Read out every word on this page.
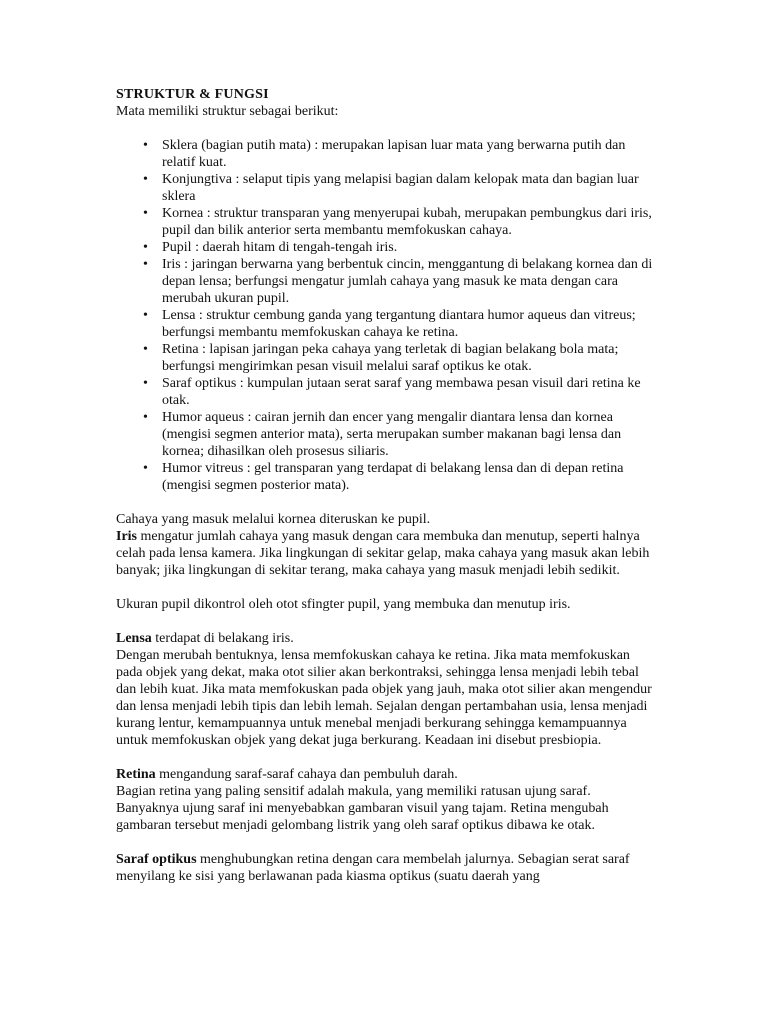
STRUKTUR & FUNGSI

Mata memiliki struktur sebagai berikut:

• Sklera (bagian putih mata) : merupakan lapisan luar mata yang berwarna putih dan relatif kuat.
• Konjungtiva : selaput tipis yang melapisi bagian dalam kelopak mata dan bagian luar sklera
• Kornea : struktur transparan yang menyerupai kubah, merupakan pembungkus dari iris, pupil dan bilik anterior serta membantu memfokuskan cahaya.
• Pupil : daerah hitam di tengah-tengah iris.
• Iris : jaringan berwarna yang berbentuk cincin, menggantung di belakang kornea dan di depan lensa; berfungsi mengatur jumlah cahaya yang masuk ke mata dengan cara merubah ukuran pupil.
• Lensa : struktur cembung ganda yang tergantung diantara humor aqueus dan vitreus; berfungsi membantu memfokuskan cahaya ke retina.
• Retina : lapisan jaringan peka cahaya yang terletak di bagian belakang bola mata; berfungsi mengirimkan pesan visuil melalui saraf optikus ke otak.
• Saraf optikus : kumpulan jutaan serat saraf yang membawa pesan visuil dari retina ke otak.
• Humor aqueus : cairan jernih dan encer yang mengalir diantara lensa dan kornea (mengisi segmen anterior mata), serta merupakan sumber makanan bagi lensa dan kornea; dihasilkan oleh prosesus siliaris.
• Humor vitreus : gel transparan yang terdapat di belakang lensa dan di depan retina (mengisi segmen posterior mata).

Cahaya yang masuk melalui kornea diteruskan ke pupil.

Iris mengatur jumlah cahaya yang masuk dengan cara membuka dan menutup, seperti halnya celah pada lensa kamera. Jika lingkungan di sekitar gelap, maka cahaya yang masuk akan lebih banyak; jika lingkungan di sekitar terang, maka cahaya yang masuk menjadi lebih sedikit.

Ukuran pupil dikontrol oleh otot sfingter pupil, yang membuka dan menutup iris.

Lensa terdapat di belakang iris.

Dengan merubah bentuknya, lensa memfokuskan cahaya ke retina. Jika mata memfokuskan pada objek yang dekat, maka otot silier akan berkontraksi, sehingga lensa menjadi lebih tebal dan lebih kuat. Jika mata memfokuskan pada objek yang jauh, maka otot silier akan mengendur dan lensa menjadi lebih tipis dan lebih lemah. Sejalan dengan pertambahan usia, lensa menjadi kurang lentur, kemampuannya untuk menebal menjadi berkurang sehingga kemampuannya untuk memfokuskan objek yang dekat juga berkurang. Keadaan ini disebut presbiopia.

Retina mengandung saraf-saraf cahaya dan pembuluh darah.

Bagian retina yang paling sensitif adalah makula, yang memiliki ratusan ujung saraf. Banyaknya ujung saraf ini menyebabkan gambaran visuil yang tajam. Retina mengubah gambaran tersebut menjadi gelombang listrik yang oleh saraf optikus dibawa ke otak.

Saraf optikus menghubungkan retina dengan cara membelah jalurnya. Sebagian serat saraf menyilang ke sisi yang berlawanan pada kiasma optikus (suatu daerah yang
